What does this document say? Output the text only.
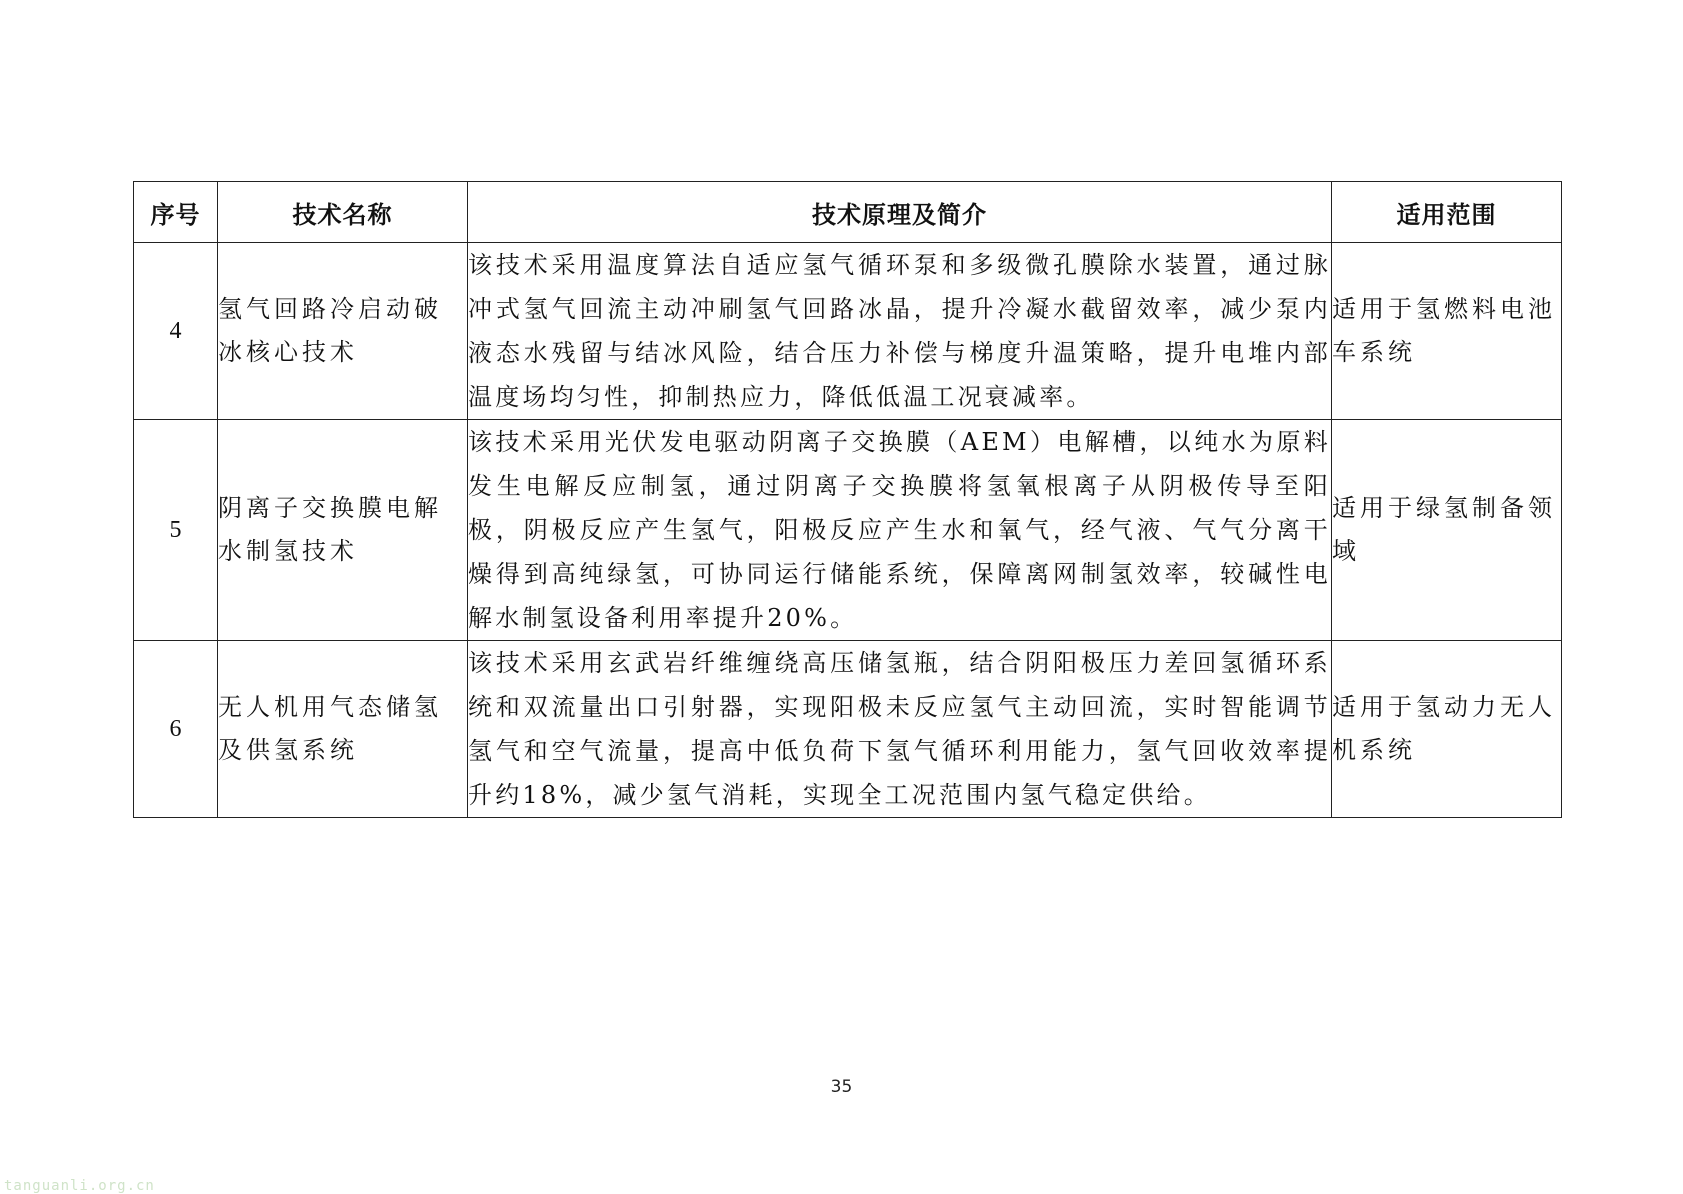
序号	技术名称	技术原理及简介	适用范围
4	氢气回路冷启动破冰核心技术	该技术采用温度算法自适应氢气循环泵和多级微孔膜除水装置，通过脉冲式氢气回流主动冲刷氢气回路冰晶，提升冷凝水截留效率，减少泵内液态水残留与结冰风险，结合压力补偿与梯度升温策略，提升电堆内部温度场均匀性，抑制热应力，降低低温工况衰减率。	适用于氢燃料电池车系统
5	阴离子交换膜电解水制氢技术	该技术采用光伏发电驱动阴离子交换膜（AEM）电解槽，以纯水为原料发生电解反应制氢，通过阴离子交换膜将氢氧根离子从阴极传导至阳极，阴极反应产生氢气，阳极反应产生水和氧气，经气液、气气分离干燥得到高纯绿氢，可协同运行储能系统，保障离网制氢效率，较碱性电解水制氢设备利用率提升20%。	适用于绿氢制备领域
6	无人机用气态储氢及供氢系统	该技术采用玄武岩纤维缠绕高压储氢瓶，结合阴阳极压力差回氢循环系统和双流量出口引射器，实现阳极未反应氢气主动回流，实时智能调节氢气和空气流量，提高中低负荷下氢气循环利用能力，氢气回收效率提升约18%，减少氢气消耗，实现全工况范围内氢气稳定供给。	适用于氢动力无人机系统
35
tanguanli.org.cn
